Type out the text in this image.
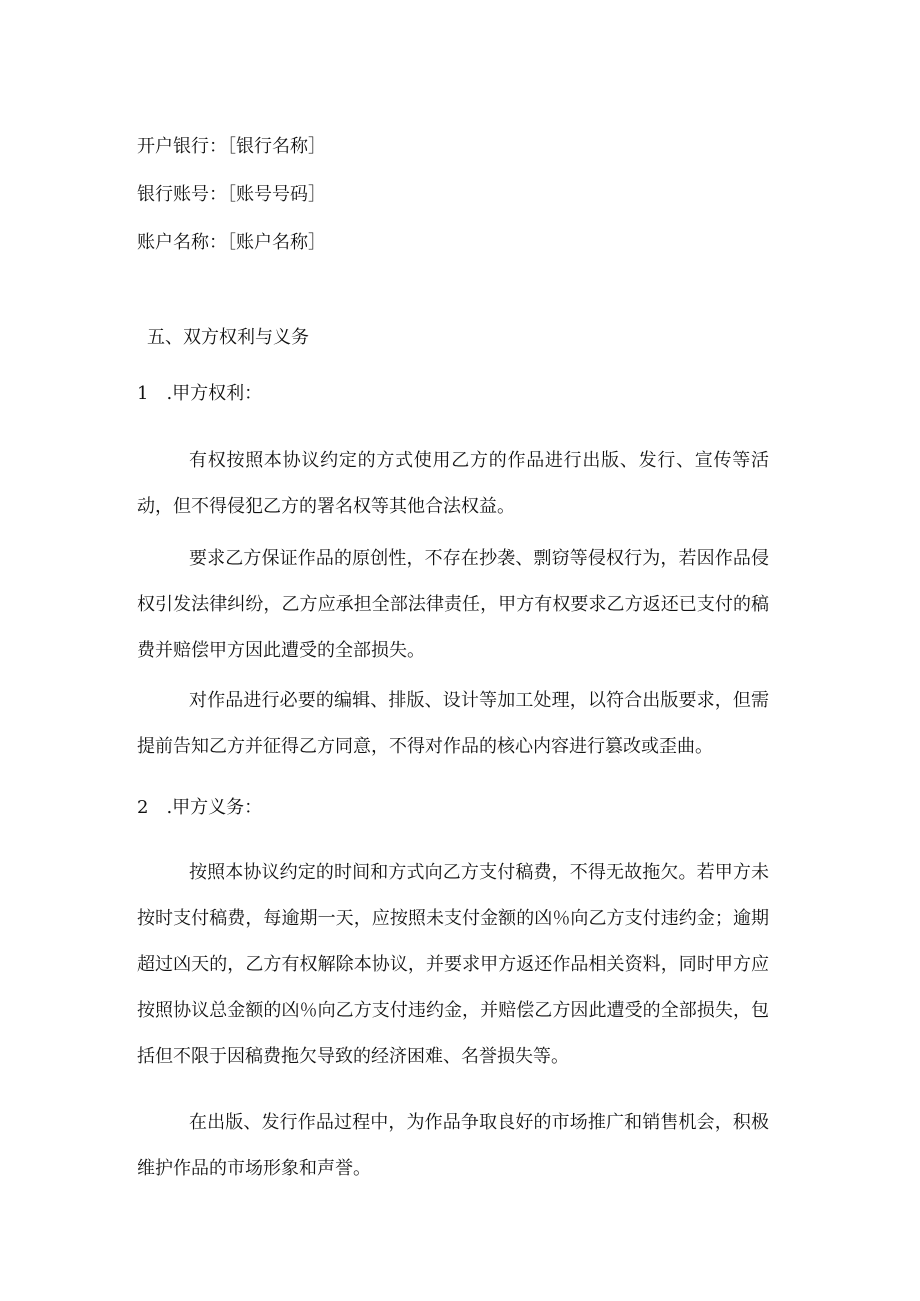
开户银行：［银行名称］
银行账号：［账号号码］
账户名称：［账户名称］
五、双方权利与义务
1 .甲方权利：
有权按照本协议约定的方式使用乙方的作品进行出版、发行、宣传等活动，但不得侵犯乙方的署名权等其他合法权益。
要求乙方保证作品的原创性，不存在抄袭、剽窃等侵权行为，若因作品侵权引发法律纠纷，乙方应承担全部法律责任，甲方有权要求乙方返还已支付的稿费并赔偿甲方因此遭受的全部损失。
对作品进行必要的编辑、排版、设计等加工处理，以符合出版要求，但需提前告知乙方并征得乙方同意，不得对作品的核心内容进行篡改或歪曲。
2 .甲方义务：
按照本协议约定的时间和方式向乙方支付稿费，不得无故拖欠。若甲方未按时支付稿费，每逾期一天，应按照未支付金额的凶％向乙方支付违约金；逾期超过凶天的，乙方有权解除本协议，并要求甲方返还作品相关资料，同时甲方应按照协议总金额的凶％向乙方支付违约金，并赔偿乙方因此遭受的全部损失，包括但不限于因稿费拖欠导致的经济困难、名誉损失等。
在出版、发行作品过程中，为作品争取良好的市场推广和销售机会，积极维护作品的市场形象和声誉。
